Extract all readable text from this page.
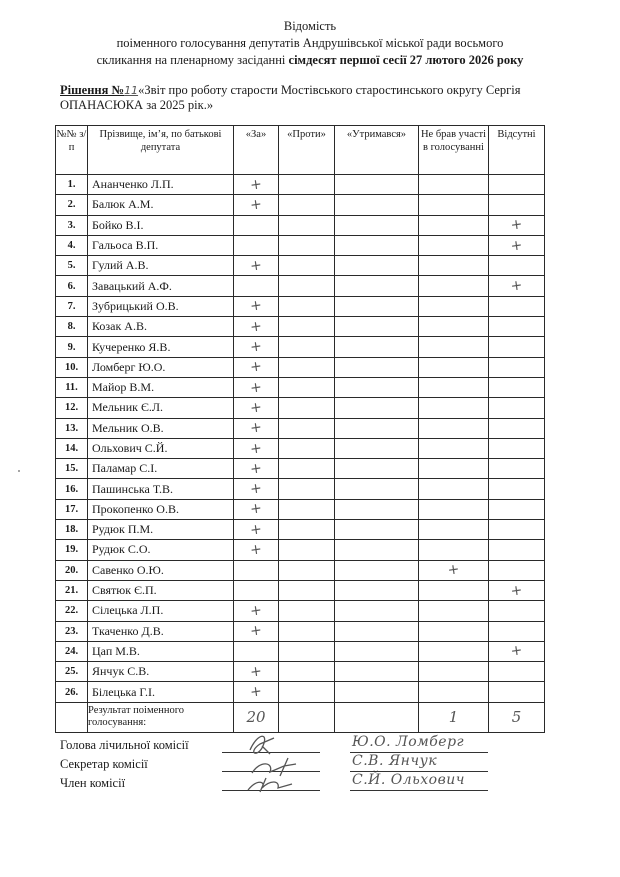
Відомість
поіменного голосування депутатів Андрушівської міської ради восьмого
скликання на пленарному засіданні сімдесят першої сесії 27 лютого 2026 року
Рішення №11«Звіт про роботу старости Мостівського старостинського округу Сергія ОПАНАСЮКА за 2025 рік.»
№№ з/п	Прізвище, ім’я, по батькові депутата	«За»	«Проти»	«Утримався»	Не брав участі в голосуванні	Відсутні
1.	Ананченко Л.П.	+				

2.	Балюк А.М.	+				

3.	Бойко В.І.					+

4.	Гальоса В.П.					+

5.	Гулий А.В.	+				

6.	Завацький А.Ф.					+

7.	Зубрицький О.В.	+				

8.	Козак А.В.	+				

9.	Кучеренко Я.В.	+				

10.	Ломберг Ю.О.	+				

11.	Майор В.М.	+				

12.	Мельник Є.Л.	+				

13.	Мельник О.В.	+				

14.	Ольхович С.Й.	+				

15.	Паламар С.І.	+				

16.	Пашинська Т.В.	+				

17.	Прокопенко О.В.	+				

18.	Рудюк П.М.	+				

19.	Рудюк С.О.	+				

20.	Савенко О.Ю.				+	

21.	Святюк Є.П.					+

22.	Сілецька Л.П.	+				

23.	Ткаченко Д.В.	+				

24.	Цап М.В.					+

25.	Янчук С.В.	+				

26.	Білецька Г.І.	+				

	Результат поіменного голосування:	20			1	5
Голова лічильної комісії
Секретар комісії
Член комісії
Ю.О. Ломберг
С.В. Янчук
С.Й. Ольхович
